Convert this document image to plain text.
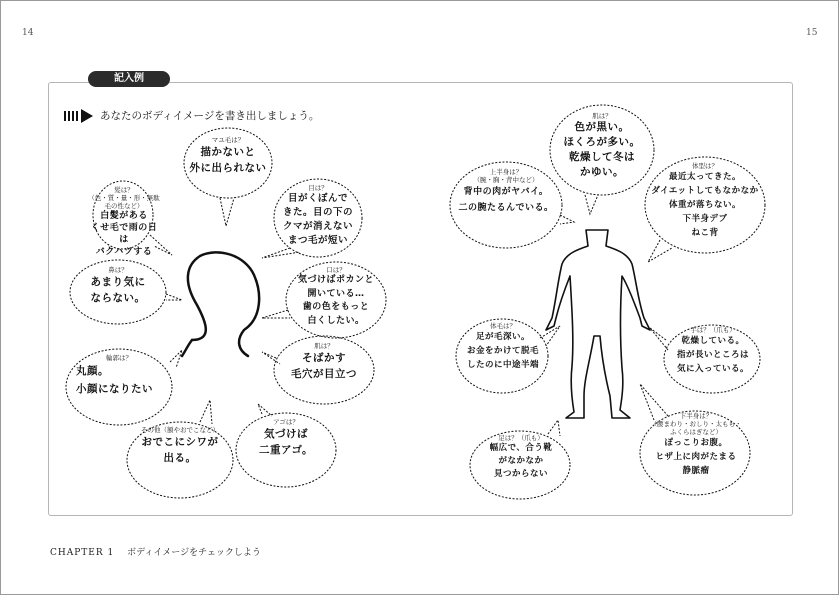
14	15
記入例
あなたのボディイメージを書き出しましょう。
髪は？
（色・質・量・形・無駄毛の性など）
白髪がある
くせ毛で雨の日は
バクハツする
マユ毛は？
描かないと
外に出られない
目は？
目がくぼんで
きた。目の下の
クマが消えない
まつ毛が短い
鼻は？
あまり気に
ならない。
口は？
気づけばポカンと
開いている…
歯の色をもっと
白くしたい。
輪郭は？
丸顔。
小顔になりたい
肌は？
そばかす
毛穴が目立つ
その他（額やおでこなど）
おでこにシワが
出る。
アゴは？
気づけば
二重アゴ。
上半身は？
（腕・胸・背中など）
背中の肉がヤバイ。
二の腕たるんでいる。
肌は？
色が黒い。
ほくろが多い。
乾燥して冬は
かゆい。	体型は？
最近太ってきた。
ダイエットしてもなかなか
体重が落ちない。
下半身デブ
ねこ背
体毛は？
足が毛深い。
お金をかけて脱毛
したのに中途半端
手は？（爪も）
乾燥している。
指が長いところは
気に入っている。
下半身は？
（腰まわり・おしり・太もも・
ふくらはぎなど）
ぽっこりお腹。
ヒザ上に肉がたまる
静脈瘤
足は？（爪も）
幅広で、合う靴
がなかなか
見つからない
CHAPTER 1 ボディイメージをチェックしよう
